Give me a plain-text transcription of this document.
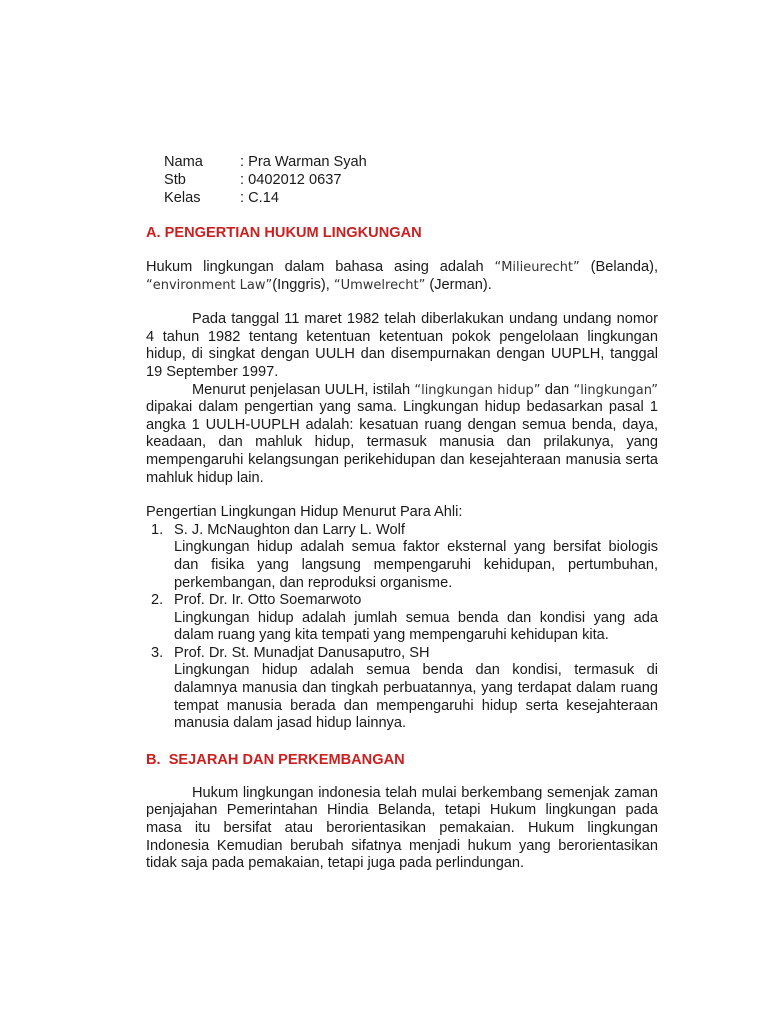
Nama	: Pra Warman Syah
Stb	: 0402012 0637
Kelas	: C.14
A. PENGERTIAN HUKUM LINGKUNGAN

Hukum lingkungan dalam bahasa asing adalah “Milieurecht” (Belanda), “environment Law”(Inggris), “Umwelrecht” (Jerman).

Pada tanggal 11 maret 1982 telah diberlakukan undang undang nomor 4 tahun 1982 tentang ketentuan ketentuan pokok pengelolaan lingkungan hidup, di singkat dengan UULH dan disempurnakan dengan UUPLH, tanggal 19 September 1997.

Menurut penjelasan UULH, istilah “lingkungan hidup” dan “lingkungan” dipakai dalam pengertian yang sama. Lingkungan hidup bedasarkan pasal 1 angka 1 UULH-UUPLH adalah: kesatuan ruang dengan semua benda, daya, keadaan, dan mahluk hidup, termasuk manusia dan prilakunya, yang mempengaruhi kelangsungan perikehidupan dan kesejahteraan manusia serta mahluk hidup lain.

Pengertian Lingkungan Hidup Menurut Para Ahli:
1. S. J. McNaughton dan Larry L. Wolf
Lingkungan hidup adalah semua faktor eksternal yang bersifat biologis dan fisika yang langsung mempengaruhi kehidupan, pertumbuhan, perkembangan, dan reproduksi organisme.
2. Prof. Dr. Ir. Otto Soemarwoto
Lingkungan hidup adalah jumlah semua benda dan kondisi yang ada dalam ruang yang kita tempati yang mempengaruhi kehidupan kita.
3. Prof. Dr. St. Munadjat Danusaputro, SH
Lingkungan hidup adalah semua benda dan kondisi, termasuk di dalamnya manusia dan tingkah perbuatannya, yang terdapat dalam ruang tempat manusia berada dan mempengaruhi hidup serta kesejahteraan manusia dalam jasad hidup lainnya.
B.  SEJARAH DAN PERKEMBANGAN

Hukum lingkungan indonesia telah mulai berkembang semenjak zaman penjajahan Pemerintahan Hindia Belanda, tetapi Hukum lingkungan pada masa itu bersifat atau berorientasikan pemakaian. Hukum lingkungan Indonesia Kemudian berubah sifatnya menjadi hukum yang berorientasikan tidak saja pada pemakaian, tetapi juga pada perlindungan.
